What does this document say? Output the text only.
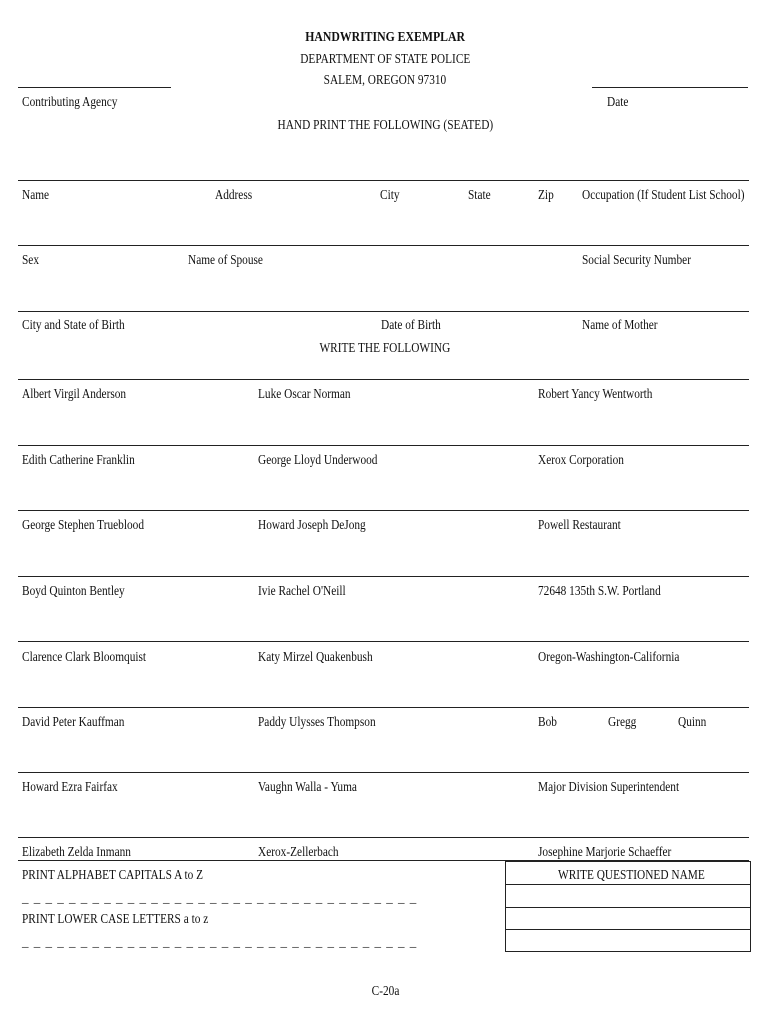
HANDWRITING EXEMPLAR
DEPARTMENT OF STATE POLICE
SALEM, OREGON 97310
Contributing Agency	Date
HAND PRINT THE FOLLOWING (SEATED)
Name	Address	City	State	Zip Occupation (If Student List School)
Sex	Name of Spouse	Social Security Number
City and State of Birth	Date of Birth	Name of Mother
WRITE THE FOLLOWING
Albert Virgil Anderson	Luke Oscar Norman	Robert Yancy Wentworth
Edith Catherine Franklin	George Lloyd Underwood	Xerox Corporation
George Stephen Trueblood	Howard Joseph DeJong	Powell Restaurant
Boyd Quinton Bentley	Ivie Rachel O'Neill	72648 135th S.W. Portland
Clarence Clark Bloomquist	Katy Mirzel Quakenbush	Oregon-Washington-California
David Peter Kauffman	Paddy Ulysses Thompson	Bob	Gregg	Quinn
Howard Ezra Fairfax	Vaughn Walla - Yuma	Major Division Superintendent
Elizabeth Zelda Inmann	Xerox-Zellerbach	Josephine Marjorie Schaeffer
PRINT ALPHABET CAPITALS A to Z
_ _ _ _ _ _ _ _ _ _ _ _ _ _ _ _ _ _ _ _ _ _ _ _ _ _ _ _ _ _ _ _ _ _
PRINT LOWER CASE LETTERS a to z
_ _ _ _ _ _ _ _ _ _ _ _ _ _ _ _ _ _ _ _ _ _ _ _ _ _ _ _ _ _ _ _ _ _
WRITE QUESTIONED NAME
C-20a
